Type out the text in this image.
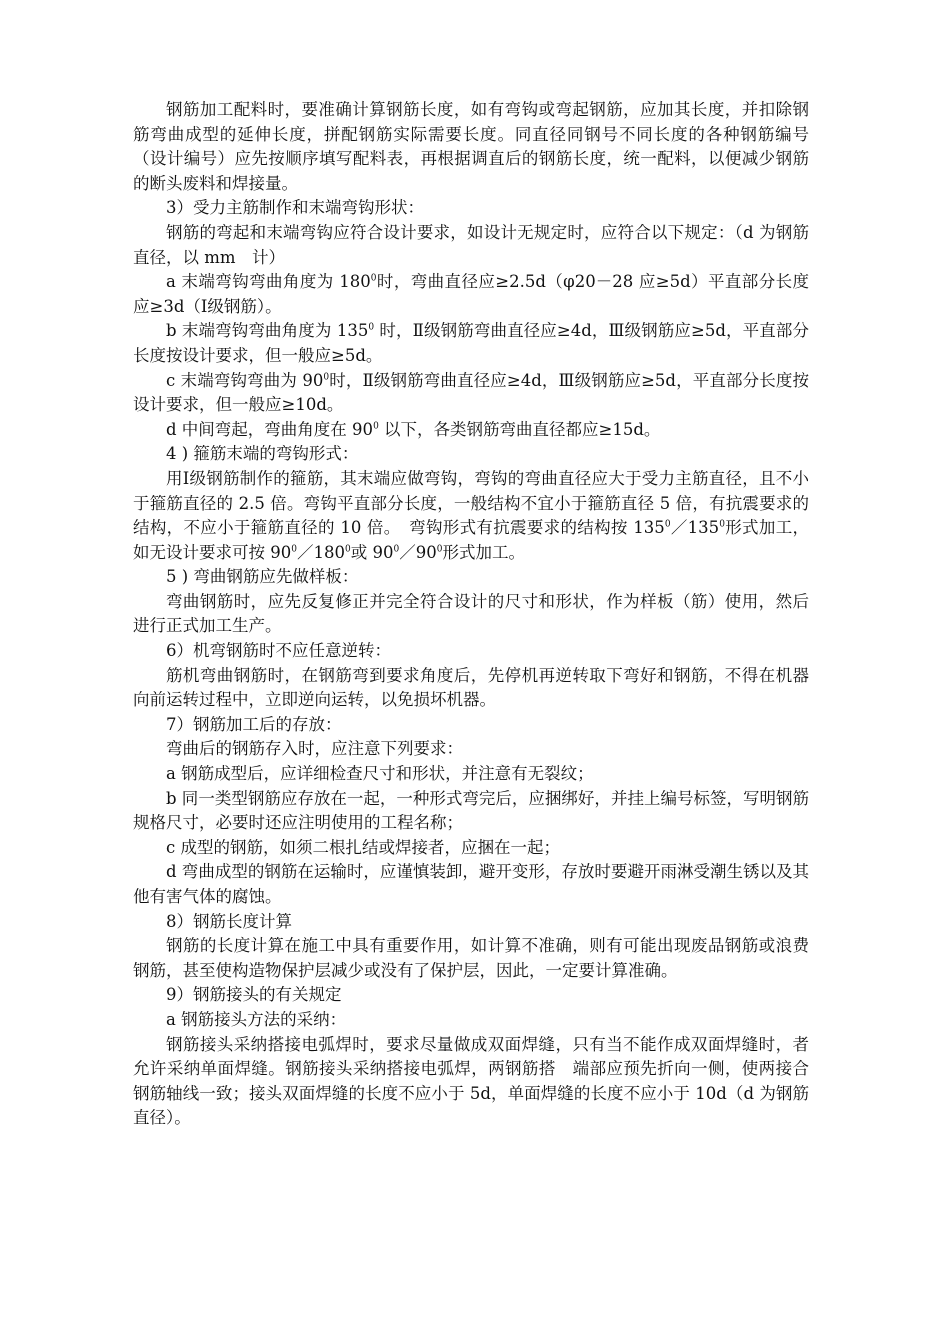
钢筋加工配料时，要准确计算钢筋长度，如有弯钩或弯起钢筋，应加其长度，并扣除钢筋弯曲成型的延伸长度，拼配钢筋实际需要长度。同直径同钢号不同长度的各种钢筋编号（设计编号）应先按顺序填写配料表，再根据调直后的钢筋长度，统一配料，以便减少钢筋的断头废料和焊接量。

3）受力主筋制作和末端弯钩形状：

钢筋的弯起和末端弯钩应符合设计要求，如设计无规定时，应符合以下规定：（d 为钢筋直径，以 mm　计）

a 末端弯钩弯曲角度为 $180^0$时，弯曲直径应≥2.5d（φ20－28 应≥5d）平直部分长度应≥3d（Ⅰ级钢筋）。

b 末端弯钩弯曲角度为 $135^0$ 时，Ⅱ级钢筋弯曲直径应≥4d，Ⅲ级钢筋应≥5d，平直部分长度按设计要求，但一般应≥5d。

c 末端弯钩弯曲为 $90^0$时，Ⅱ级钢筋弯曲直径应≥4d，Ⅲ级钢筋应≥5d，平直部分长度按设计要求，但一般应≥10d。

d 中间弯起，弯曲角度在 $90^0$ 以下，各类钢筋弯曲直径都应≥15d。

4 ) 箍筋末端的弯钩形式：

用Ⅰ级钢筋制作的箍筋，其末端应做弯钩，弯钩的弯曲直径应大于受力主筋直径，且不小于箍筋直径的 2.5 倍。弯钩平直部分长度，一般结构不宜小于箍筋直径 5 倍，有抗震要求的结构，不应小于箍筋直径的 10 倍。　弯钩形式有抗震要求的结构按 $135^0/135^0$形式加工，如无设计要求可按 $90^0/180^0$或 $90^0/90^0$形式加工。

5 ) 弯曲钢筋应先做样板：

弯曲钢筋时，应先反复修正并完全符合设计的尺寸和形状，作为样板（筋）使用，然后进行正式加工生产。

6）机弯钢筋时不应任意逆转：

筋机弯曲钢筋时，在钢筋弯到要求角度后，先停机再逆转取下弯好和钢筋，不得在机器向前运转过程中，立即逆向运转，以免损坏机器。

7）钢筋加工后的存放：

弯曲后的钢筋存入时，应注意下列要求：

a 钢筋成型后，应详细检查尺寸和形状，并注意有无裂纹；

b 同一类型钢筋应存放在一起，一种形式弯完后，应捆绑好，并挂上编号标签，写明钢筋规格尺寸，必要时还应注明使用的工程名称；

c 成型的钢筋，如须二根扎结或焊接者，应捆在一起；

d 弯曲成型的钢筋在运输时，应谨慎装卸，避开变形，存放时要避开雨淋受潮生锈以及其他有害气体的腐蚀。

8）钢筋长度计算

钢筋的长度计算在施工中具有重要作用，如计算不准确，则有可能出现废品钢筋或浪费钢筋，甚至使构造物保护层减少或没有了保护层，因此，一定要计算准确。

9）钢筋接头的有关规定

a 钢筋接头方法的采纳：

钢筋接头采纳搭接电弧焊时，要求尽量做成双面焊缝，只有当不能作成双面焊缝时，者允许采纳单面焊缝。钢筋接头采纳搭接电弧焊，两钢筋搭　端部应预先折向一侧，使两接合钢筋轴线一致；接头双面焊缝的长度不应小于 5d，单面焊缝的长度不应小于 10d（d 为钢筋直径）。
